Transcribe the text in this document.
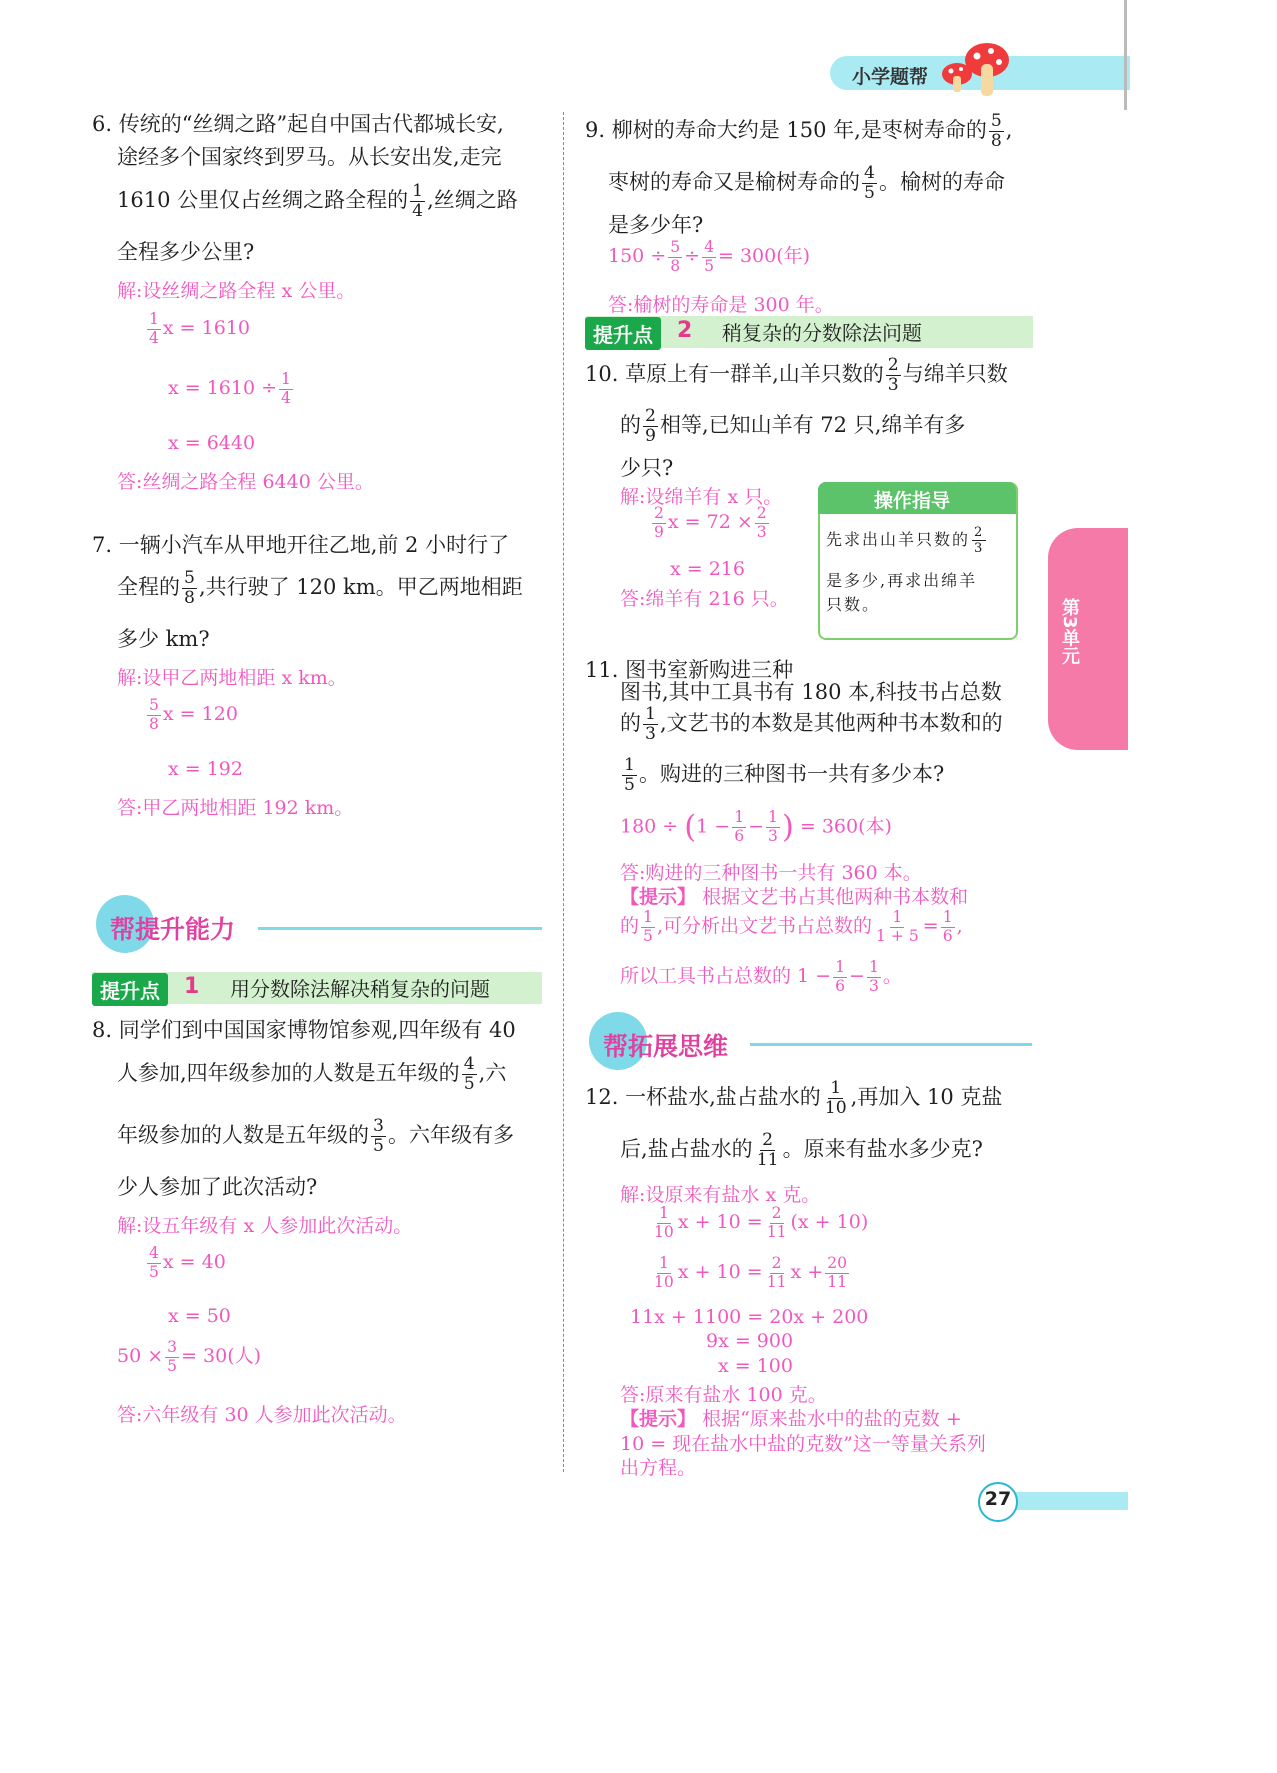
小学题帮
第3单元
6. 传统的“丝绸之路”起自中国古代都城长安,
途经多个国家终到罗马。从长安出发,走完
1610 公里仅占丝绸之路全程的 $\frac{1}{4}$ ,丝绸之路
全程多少公里?
解:设丝绸之路全程 x 公里。
$\frac{1}{4}$ x = 1610
$x = 1610 \div \frac{1}{4}$
x = 6440
答:丝绸之路全程 6440 公里。
7. 一辆小汽车从甲地开往乙地,前 2 小时行了
全程的 $\frac{5}{8}$ ,共行驶了 120 km。甲乙两地相距
多少 km?
解:设甲乙两地相距 x km。
$\frac{5}{8}$ x = 120
x = 192
答:甲乙两地相距 192 km。
帮提升能力
提升点	1 用分数除法解决稍复杂的问题
8. 同学们到中国国家博物馆参观,四年级有 40
人参加,四年级参加的人数是五年级的 $\frac{4}{5}$ ,六
年级参加的人数是五年级的 $\frac{3}{5}$ 。六年级有多
少人参加了此次活动?
解:设五年级有 x 人参加此次活动。
$\frac{4}{5}$ x = 40
x = 50
$50 \times \frac{3}{5} = 30$(人)
答:六年级有 30 人参加此次活动。
9. 柳树的寿命大约是 150 年,是枣树寿命的 $\frac{5}{8}$ ,
枣树的寿命又是榆树寿命的 $\frac{4}{5}$ 。榆树的寿命
是多少年?
$150 \div \frac{5}{8} \div \frac{4}{5} = 300$(年)
答:榆树的寿命是 300 年。
提升点	2 稍复杂的分数除法问题
10. 草原上有一群羊,山羊只数的 $\frac{2}{3}$ 与绵羊只数
的 $\frac{2}{9}$ 相等,已知山羊有 72 只,绵羊有多
少只?
解:设绵羊有 x 只。
$\frac{2}{9}$ $x = 72 \times \frac{2}{3}$
x = 216
答:绵羊有 216 只。
操作指导
先求出山羊只数的 $\frac{2}{3}$
是多少,再求出绵羊
只数。
11. 图书室新购进三种
图书,其中工具书有 180 本,科技书占总数
的 $\frac{1}{3}$ ,文艺书的本数是其他两种书本数和的
$\frac{1}{5}$ 。购进的三种图书一共有多少本?
$180 \div (1 - \frac{1}{6} - \frac{1}{3}$ ) = 360(本)
答:购进的三种图书一共有 360 本。
【提示】 根据文艺书占其他两种书本数和
的 $\frac{1}{5}$ ,可分析出文艺书占总数的 $\frac{1}{1 + 5} = \frac{1}{6}$ ,
所以工具书占总数的 $1 - \frac{1}{6} - \frac{1}{3}$ 。
帮拓展思维
12. 一杯盐水,盐占盐水的 $\frac{1}{10}$ ,再加入 10 克盐
后,盐占盐水的 $\frac{2}{11}$ 。原来有盐水多少克?
解:设原来有盐水 x 克。
$\frac{1}{10}$ $x + 10 = \frac{2}{11} (x + 10)$
$\frac{1}{10}$ $x + 10 = \frac{2}{11}$ $x + \frac{20}{11}$
11x + 1100 = 20x + 200
9x = 900
x = 100
答:原来有盐水 100 克。
【提示】 根据“原来盐水中的盐的克数 +
10 = 现在盐水中盐的克数”这一等量关系列
出方程。
27
